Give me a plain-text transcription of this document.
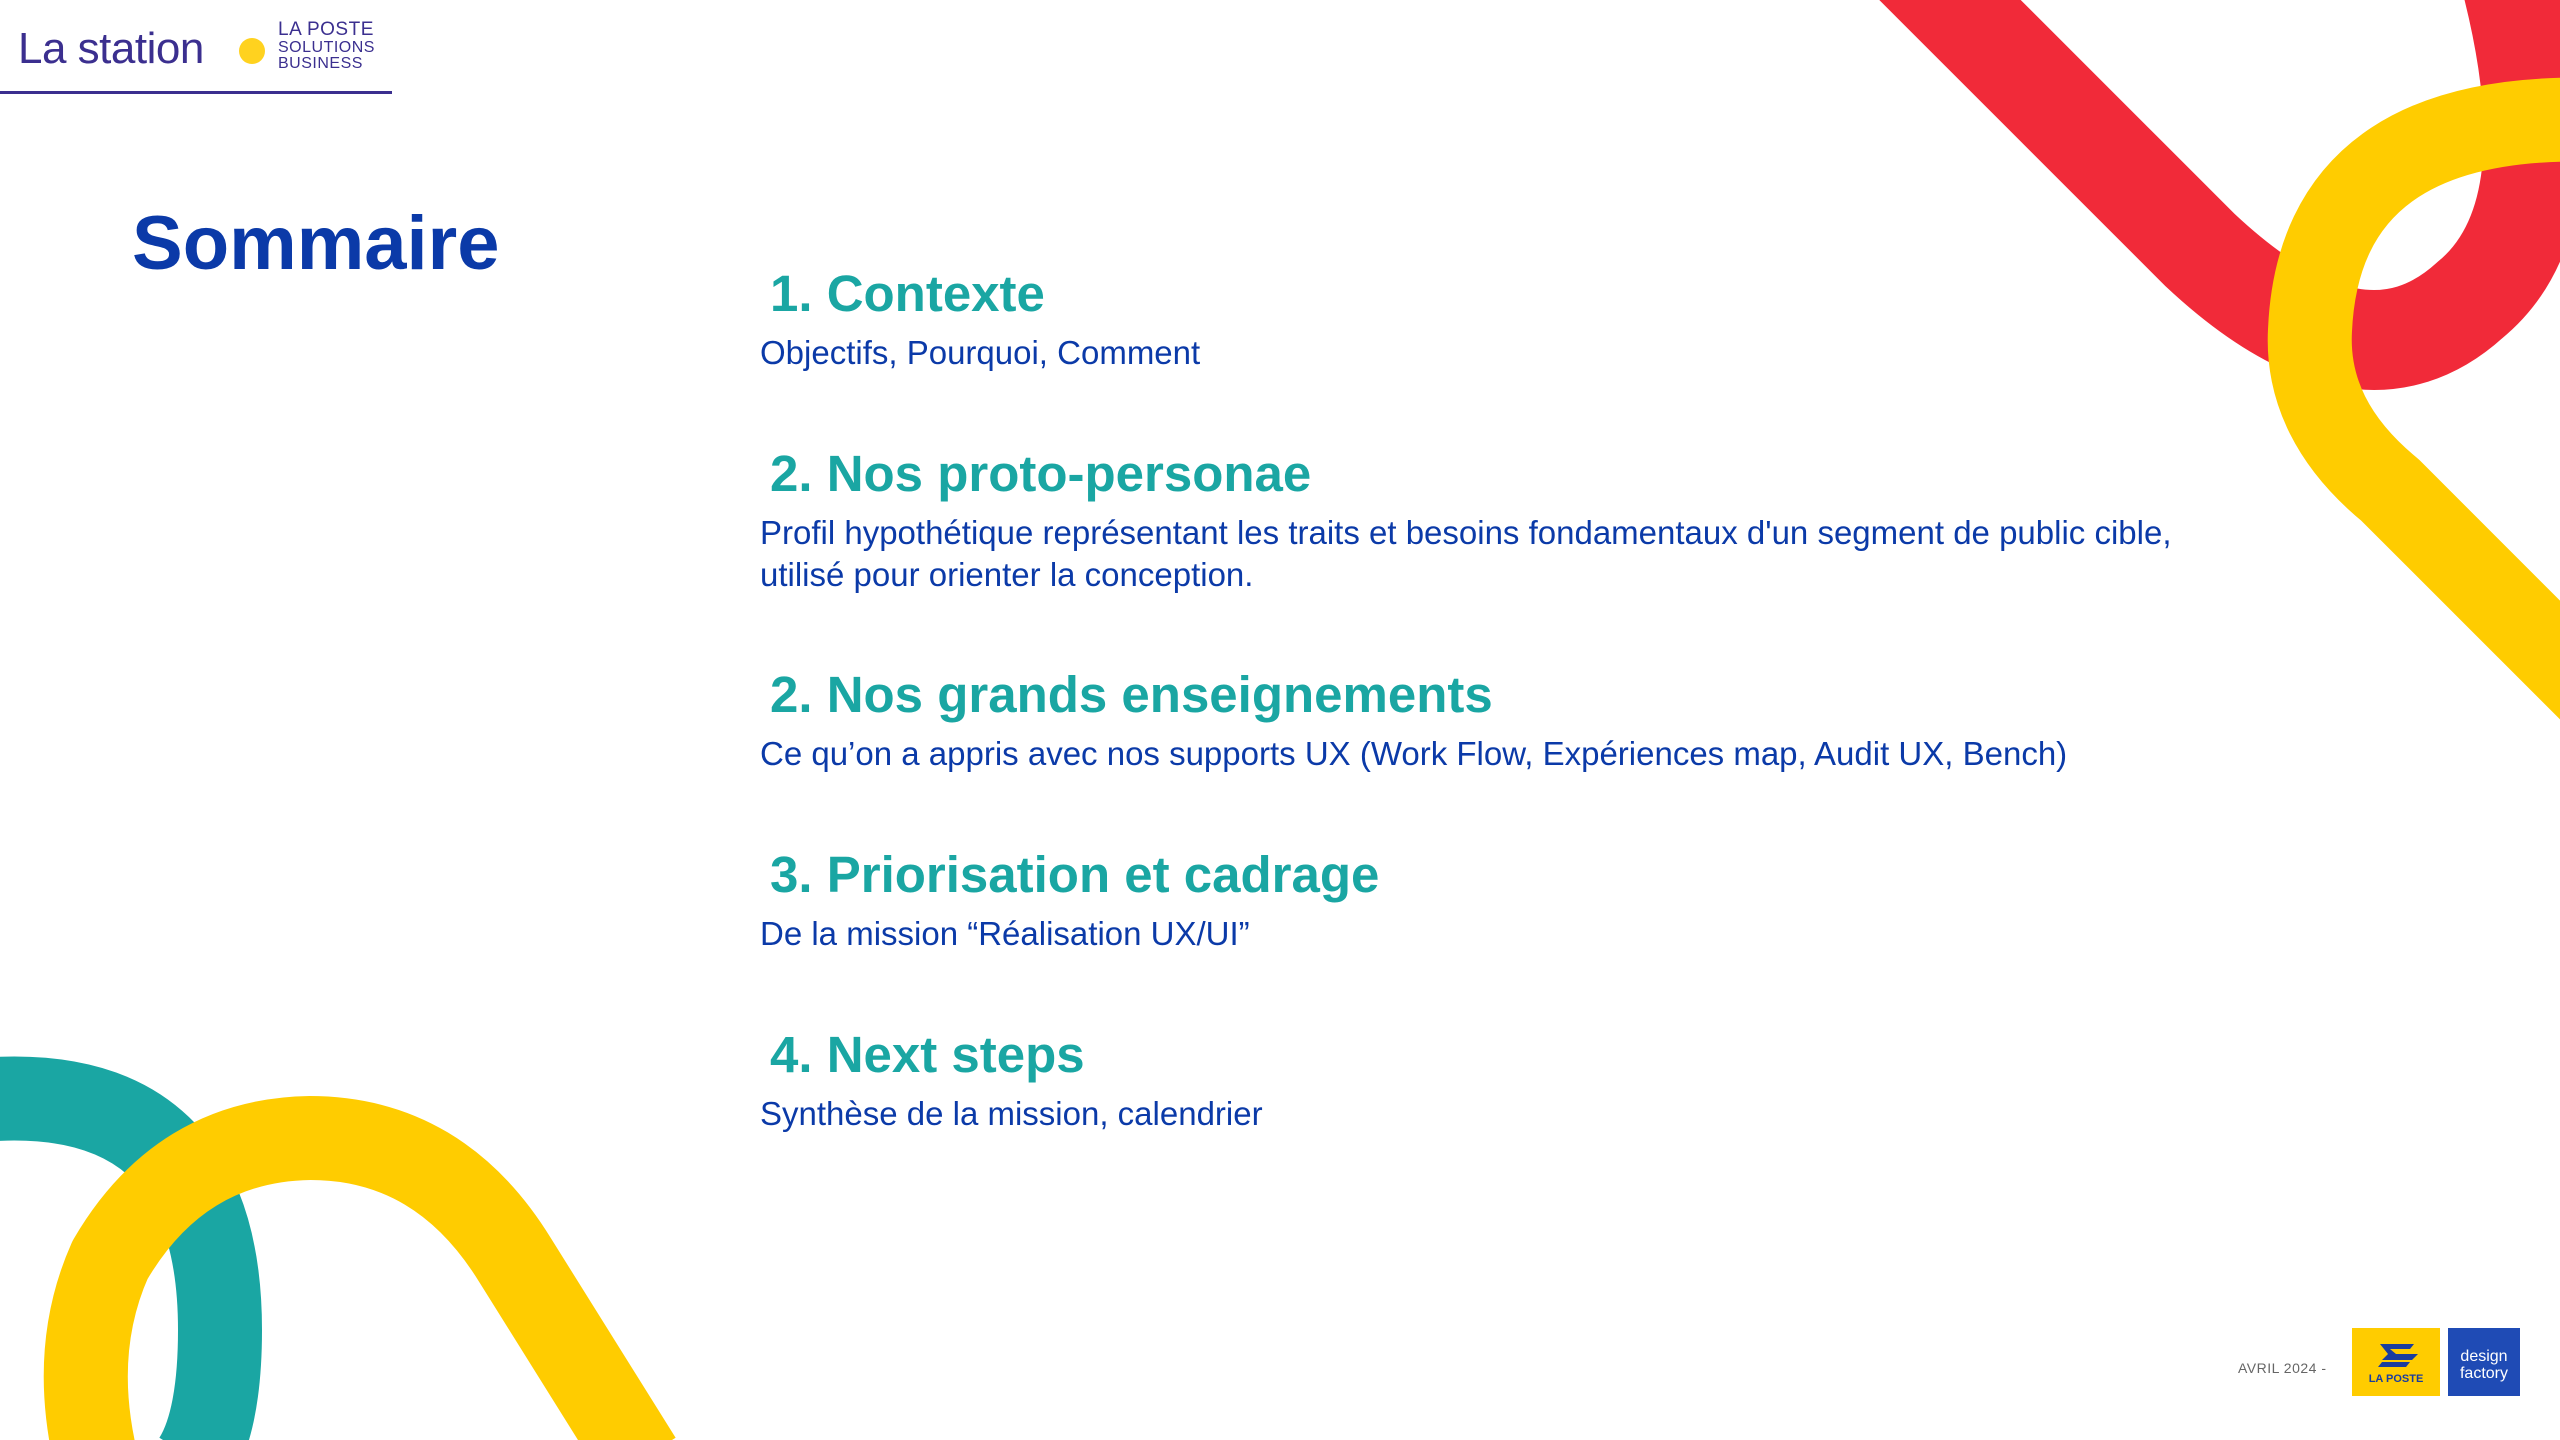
La station	LA POSTE
SOLUTIONS
BUSINESS
Sommaire
1. Contexte

Objectifs, Pourquoi, Comment

2. Nos proto-personae

Profil hypothétique représentant les traits et besoins fondamentaux d'un segment de public cible, utilisé pour orienter la conception.

2. Nos grands enseignements

Ce qu’on a appris avec nos supports UX (Work Flow, Expériences map, Audit UX, Bench)

3. Priorisation et cadrage

De la mission “Réalisation UX/UI”

4. Next steps

Synthèse de la mission, calendrier

AVRIL 2024 -
LA POSTE
design
factory
